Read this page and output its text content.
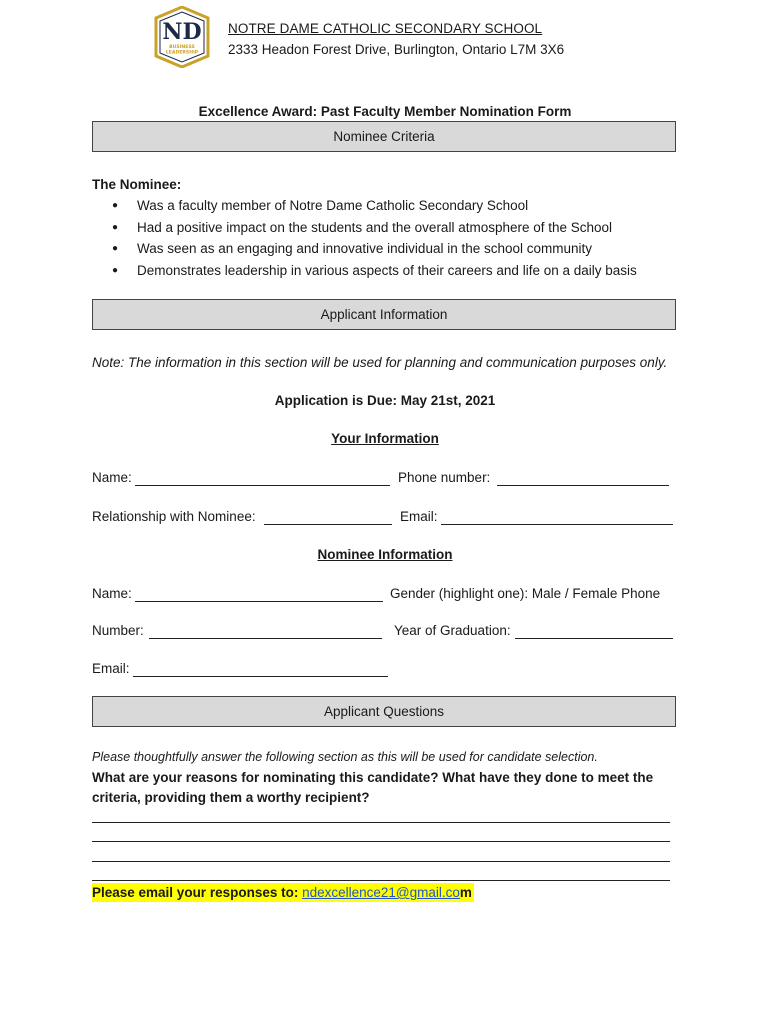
ND
BUSINESS
LEADERSHIP
NOTRE DAME CATHOLIC SECONDARY SCHOOL
2333 Headon Forest Drive, Burlington, Ontario L7M 3X6
Excellence Award: Past Faculty Member Nomination Form
Nominee Criteria
The Nominee:
● Was a faculty member of Notre Dame Catholic Secondary School
● Had a positive impact on the students and the overall atmosphere of the School
● Was seen as an engaging and innovative individual in the school community
● Demonstrates leadership in various aspects of their careers and life on a daily basis
Applicant Information
Note: The information in this section will be used for planning and communication purposes only.
Application is Due: May 21st, 2021
Your Information
Name:	Phone number:
Relationship with Nominee:	Email:
Nominee Information
Name:	Gender (highlight one): Male / Female Phone
Number:	Year of Graduation:
Email:
Applicant Questions
Please thoughtfully answer the following section as this will be used for candidate selection.
What are your reasons for nominating this candidate? What have they done to meet the criteria, providing them a worthy recipient?
Please email your responses to: ndexcellence21@gmail.com
